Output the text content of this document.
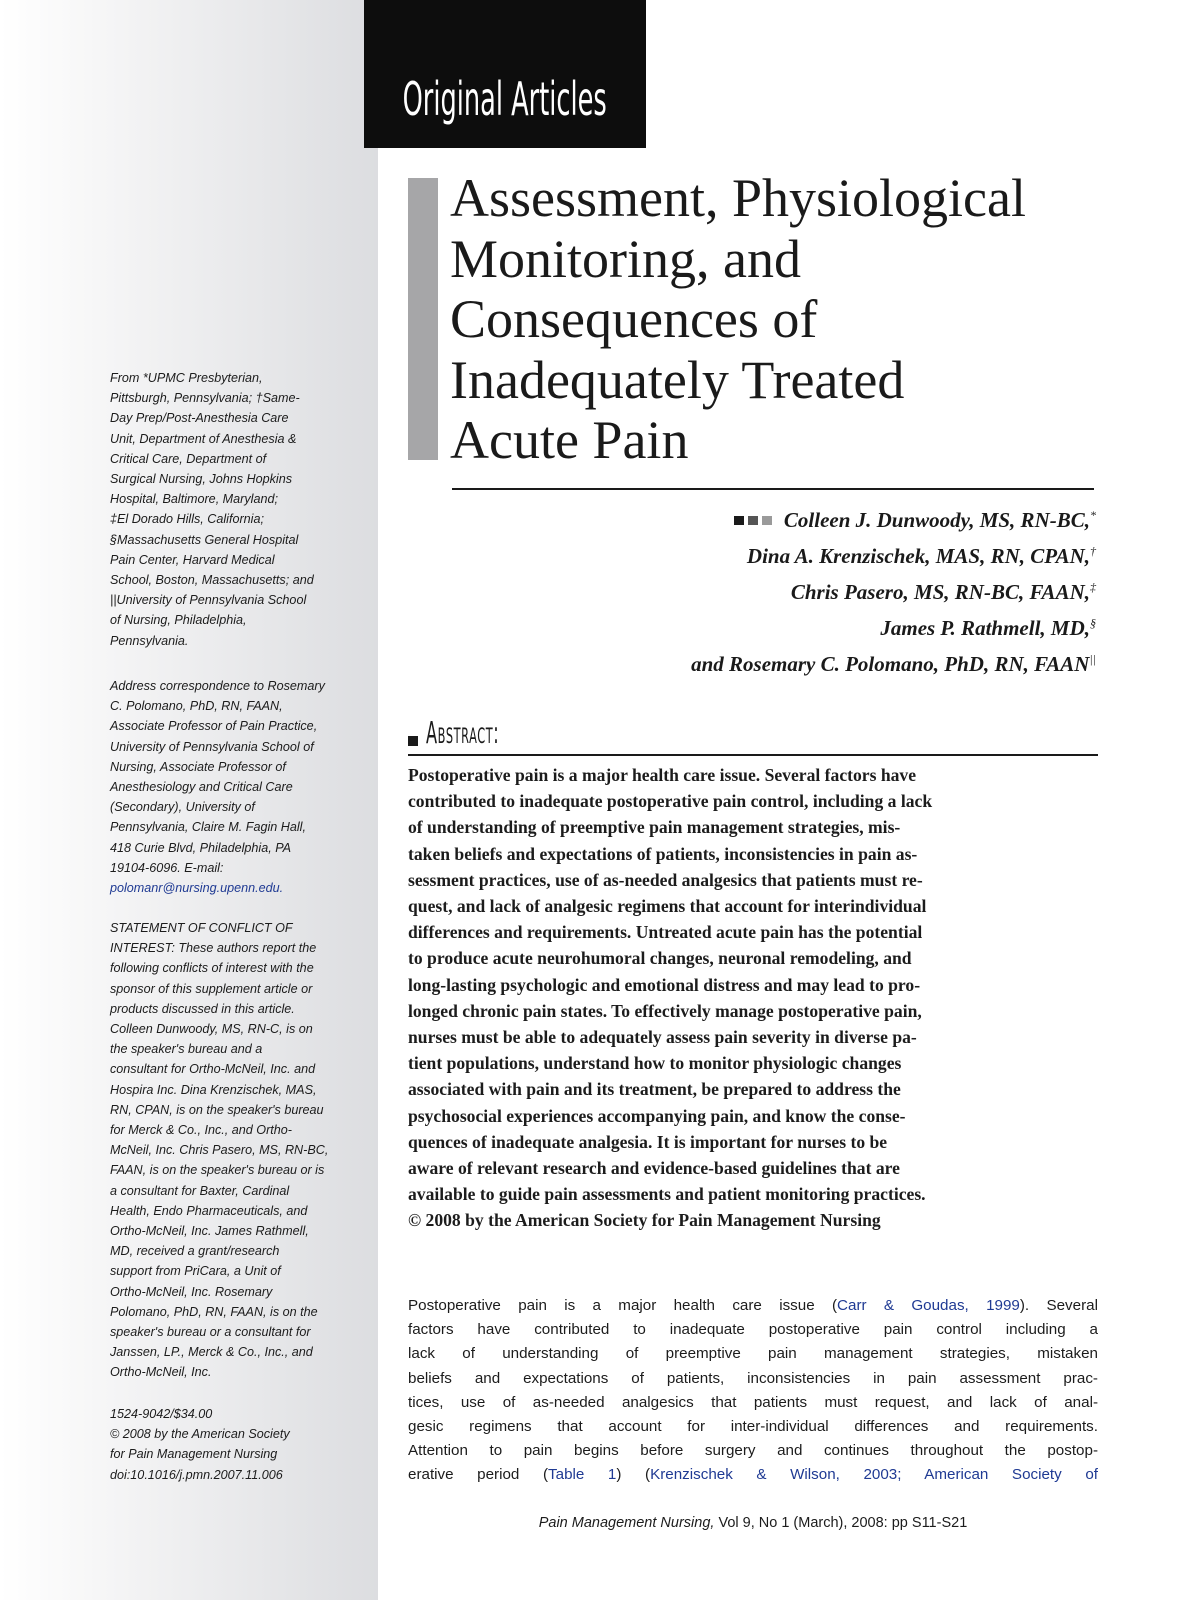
Original Articles
Assessment, Physiological
Monitoring, and
Consequences of
Inadequately Treated
Acute Pain
Colleen J. Dunwoody, MS, RN-BC,*
Dina A. Krenzischek, MAS, RN, CPAN,†
Chris Pasero, MS, RN-BC, FAAN,‡
James P. Rathmell, MD,§
and Rosemary C. Polomano, PhD, RN, FAAN||
Abstract:
Postoperative pain is a major health care issue. Several factors have
contributed to inadequate postoperative pain control, including a lack
of understanding of preemptive pain management strategies, mis-
taken beliefs and expectations of patients, inconsistencies in pain as-
sessment practices, use of as-needed analgesics that patients must re-
quest, and lack of analgesic regimens that account for interindividual
differences and requirements. Untreated acute pain has the potential
to produce acute neurohumoral changes, neuronal remodeling, and
long-lasting psychologic and emotional distress and may lead to pro-
longed chronic pain states. To effectively manage postoperative pain,
nurses must be able to adequately assess pain severity in diverse pa-
tient populations, understand how to monitor physiologic changes
associated with pain and its treatment, be prepared to address the
psychosocial experiences accompanying pain, and know the conse-
quences of inadequate analgesia. It is important for nurses to be
aware of relevant research and evidence-based guidelines that are
available to guide pain assessments and patient monitoring practices.
© 2008 by the American Society for Pain Management Nursing
Postoperative pain is a major health care issue (Carr & Goudas, 1999). Several
factors have contributed to inadequate postoperative pain control including a
lack of understanding of preemptive pain management strategies, mistaken
beliefs and expectations of patients, inconsistencies in pain assessment prac-
tices, use of as-needed analgesics that patients must request, and lack of anal-
gesic regimens that account for inter-individual differences and requirements.
Attention to pain begins before surgery and continues throughout the postop-
erative period (Table 1) (Krenzischek & Wilson, 2003; American Society of
From *UPMC Presbyterian,
Pittsburgh, Pennsylvania; †Same-
Day Prep/Post-Anesthesia Care
Unit, Department of Anesthesia &
Critical Care, Department of
Surgical Nursing, Johns Hopkins
Hospital, Baltimore, Maryland;
‡El Dorado Hills, California;
§Massachusetts General Hospital
Pain Center, Harvard Medical
School, Boston, Massachusetts; and
||University of Pennsylvania School
of Nursing, Philadelphia,
Pennsylvania.
Address correspondence to Rosemary
C. Polomano, PhD, RN, FAAN,
Associate Professor of Pain Practice,
University of Pennsylvania School of
Nursing, Associate Professor of
Anesthesiology and Critical Care
(Secondary), University of
Pennsylvania, Claire M. Fagin Hall,
418 Curie Blvd, Philadelphia, PA
19104-6096. E-mail:
polomanr@nursing.upenn.edu.
STATEMENT OF CONFLICT OF
INTEREST: These authors report the
following conflicts of interest with the
sponsor of this supplement article or
products discussed in this article.
Colleen Dunwoody, MS, RN-C, is on
the speaker's bureau and a
consultant for Ortho-McNeil, Inc. and
Hospira Inc. Dina Krenzischek, MAS,
RN, CPAN, is on the speaker's bureau
for Merck & Co., Inc., and Ortho-
McNeil, Inc. Chris Pasero, MS, RN-BC,
FAAN, is on the speaker's bureau or is
a consultant for Baxter, Cardinal
Health, Endo Pharmaceuticals, and
Ortho-McNeil, Inc. James Rathmell,
MD, received a grant/research
support from PriCara, a Unit of
Ortho-McNeil, Inc. Rosemary
Polomano, PhD, RN, FAAN, is on the
speaker's bureau or a consultant for
Janssen, LP., Merck & Co., Inc., and
Ortho-McNeil, Inc.
1524-9042/$34.00
© 2008 by the American Society
for Pain Management Nursing
doi:10.1016/j.pmn.2007.11.006
Pain Management Nursing, Vol 9, No 1 (March), 2008: pp S11-S21
